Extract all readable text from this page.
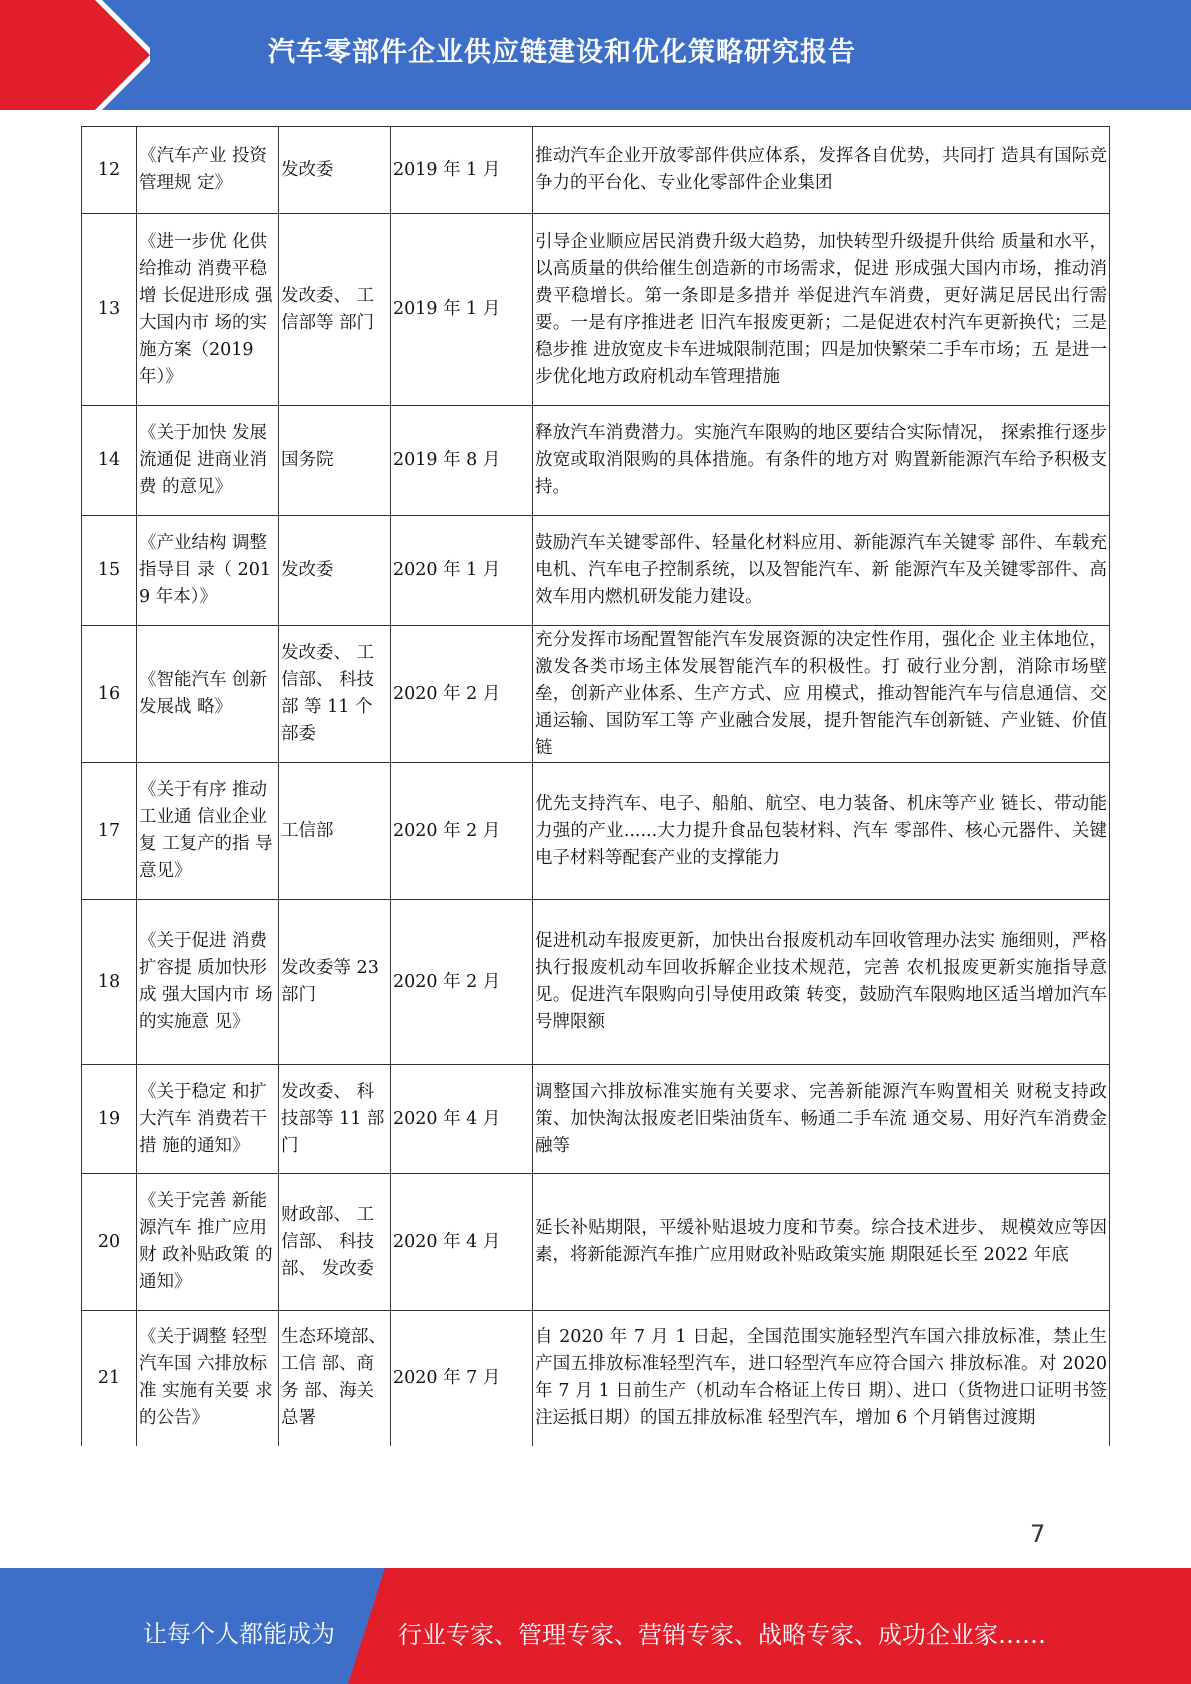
汽车零部件企业供应链建设和优化策略研究报告
12	《汽车产业 投资管理规 定》	发改委	2019 年 1 月	推动汽车企业开放零部件供应体系，发挥各自优势，共同打 造具有国际竞争力的平台化、专业化零部件企业集团
13	《进一步优 化供给推动 消费平稳增 长促进形成 强大国内市 场的实施方案（2019 年）》	发改委、 工信部等 部门	2019 年 1 月	引导企业顺应居民消费升级大趋势，加快转型升级提升供给 质量和水平，以高质量的供给催生创造新的市场需求，促进 形成强大国内市场，推动消费平稳增长。第一条即是多措并 举促进汽车消费，更好满足居民出行需要。一是有序推进老 旧汽车报废更新；二是促进农村汽车更新换代；三是稳步推 进放宽皮卡车进城限制范围；四是加快繁荣二手车市场；五 是进一步优化地方政府机动车管理措施
14	《关于加快 发展流通促 进商业消费 的意见》	国务院	2019 年 8 月	释放汽车消费潜力。实施汽车限购的地区要结合实际情况， 探索推行逐步放宽或取消限购的具体措施。有条件的地方对 购置新能源汽车给予积极支持。
15	《产业结构 调整指导目 录（ 2019 年本）》	发改委	2020 年 1 月	鼓励汽车关键零部件、轻量化材料应用、新能源汽车关键零 部件、车载充电机、汽车电子控制系统，以及智能汽车、新 能源汽车及关键零部件、高效车用内燃机研发能力建设。
16	《智能汽车 创新发展战 略》	发改委、 工信部、 科技部 等 11 个部委	2020 年 2 月	充分发挥市场配置智能汽车发展资源的决定性作用，强化企 业主体地位，激发各类市场主体发展智能汽车的积极性。打 破行业分割，消除市场壁垒，创新产业体系、生产方式、应 用模式，推动智能汽车与信息通信、交通运输、国防军工等 产业融合发展，提升智能汽车创新链、产业链、价值链
17	《关于有序 推动工业通 信业企业复 工复产的指 导意见》	工信部	2020 年 2 月	优先支持汽车、电子、船舶、航空、电力装备、机床等产业 链长、带动能力强的产业......大力提升食品包装材料、汽车 零部件、核心元器件、关键电子材料等配套产业的支撑能力
18	《关于促进 消费扩容提 质加快形成 强大国内市 场的实施意 见》	发改委等 23 部门	2020 年 2 月	促进机动车报废更新，加快出台报废机动车回收管理办法实 施细则，严格执行报废机动车回收拆解企业技术规范，完善 农机报废更新实施指导意见。促进汽车限购向引导使用政策 转变，鼓励汽车限购地区适当增加汽车号牌限额
19	《关于稳定 和扩大汽车 消费若干措 施的通知》	发改委、 科技部等 11 部门	2020 年 4 月	调整国六排放标准实施有关要求、完善新能源汽车购置相关 财税支持政策、加快淘汰报废老旧柴油货车、畅通二手车流 通交易、用好汽车消费金融等
20	《关于完善 新能源汽车 推广应用财 政补贴政策 的通知》	财政部、 工信部、 科技部、 发改委	2020 年 4 月	延长补贴期限，平缓补贴退坡力度和节奏。综合技术进步、 规模效应等因素，将新能源汽车推广应用财政补贴政策实施 期限延长至 2022 年底
21	《关于调整 轻型汽车国 六排放标准 实施有关要 求的公告》	生态环境部、工信 部、商务 部、海关 总署	2020 年 7 月	自 2020 年 7 月 1 日起，全国范围实施轻型汽车国六排放标准，禁止生产国五排放标准轻型汽车，进口轻型汽车应符合国六 排放标准。对 2020 年 7 月 1 日前生产（机动车合格证上传日 期）、进口（货物进口证明书签注运抵日期）的国五排放标准 轻型汽车，增加 6 个月销售过渡期
7
让每个人都能成为	行业专家、管理专家、营销专家、战略专家、成功企业家……
